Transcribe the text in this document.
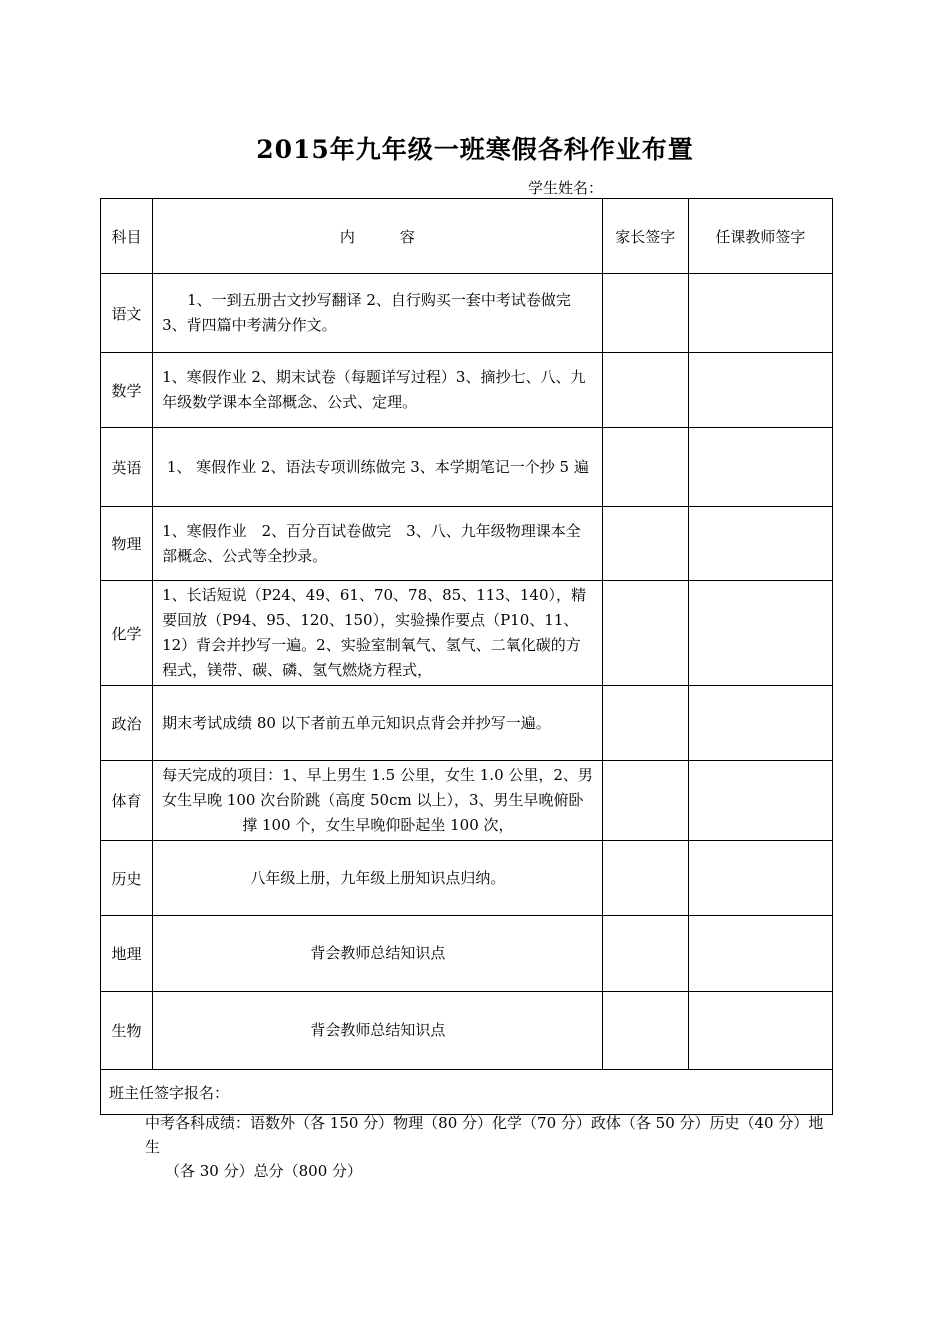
2015年九年级一班寒假各科作业布置
学生姓名：
科目	内　　　容	家长签字	任课教师签字
语文	1、一到五册古文抄写翻译 2、自行购买一套中考试卷做完 3、背四篇中考满分作文。		
数学	1、寒假作业 2、期末试卷（每题详写过程）3、摘抄七、八、九年级数学课本全部概念、公式、定理。		
英语	1、 寒假作业 2、语法专项训练做完 3、本学期笔记一个抄 5 遍		
物理	1、寒假作业　2、百分百试卷做完　3、八、九年级物理课本全部概念、公式等全抄录。		
化学	1、长话短说（P24、49、61、70、78、85、113、140），精要回放（P94、95、120、150），实验操作要点（P10、11、12）背会并抄写一遍。2、实验室制氧气、氢气、二氧化碳的方程式，镁带、碳、磷、氢气燃烧方程式，		
政治	期末考试成绩 80 以下者前五单元知识点背会并抄写一遍。		
体育	每天完成的项目：1、早上男生 1.5 公里，女生 1.0 公里，2、男女生早晚 100 次台阶跳（高度 50cm 以上），3、男生早晚俯卧撑 100 个，女生早晚仰卧起坐 100 次，		
历史	八年级上册，九年级上册知识点归纳。		
地理	背会教师总结知识点		
生物	背会教师总结知识点		
班主任签字报名：			
中考各科成绩：语数外（各 150 分）物理（80 分）化学（70 分）政体（各 50 分）历史（40 分）地生
（各 30 分）总分（800 分）
